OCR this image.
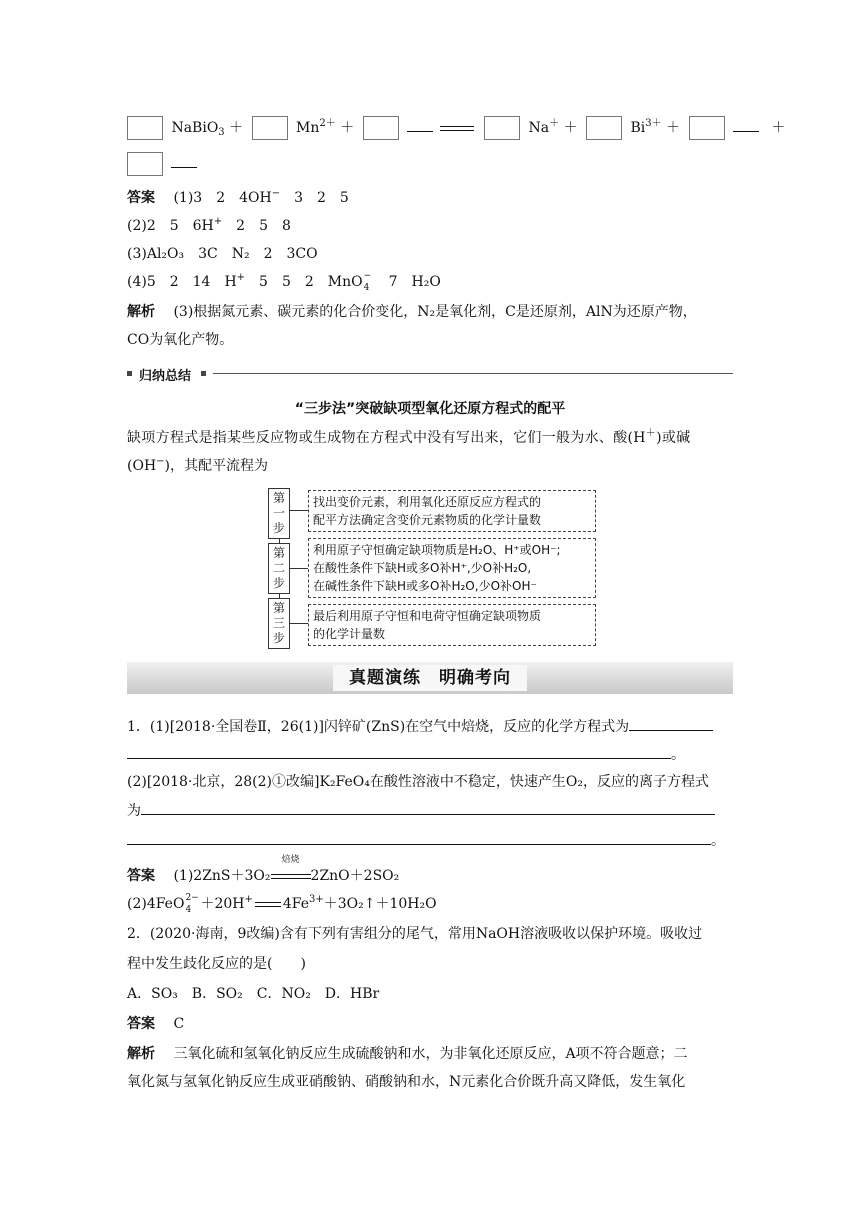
NaBiO$_3$ ＋	$Mn^{2+}$ ＋	Na＋ ＋	$Bi^{3+}$ ＋	＋

答案 (1)3　2　4OH−　3　2　5
(2)2　5　6H+　2　5　8
(3)Al₂O₃　3C　N₂　2　3CO
(4)5　2　14　H+　5　5　2　MnO −
4 　7　H₂O
解析 (3)根据氮元素、碳元素的化合价变化，N₂是氧化剂，C是还原剂，AlN为还原产物，
CO为氧化产物。
归纳总结
“三步法”突破缺项型氧化还原方程式的配平
缺项方程式是指某些反应物或生成物在方程式中没有写出来，它们一般为水、酸(H＋)或碱
(OH−)，其配平流程为
第
一
步
第
二
步
第
三
步
找出变价元素，利用氧化还原反应方程式的
配平方法确定含变价元素物质的化学计量数
利用原子守恒确定缺项物质是H₂O、H⁺或OH⁻;
在酸性条件下缺H或多O补H⁺,少O补H₂O,
在碱性条件下缺H或多O补H₂O,少O补OH⁻
最后利用原子守恒和电荷守恒确定缺项物质
的化学计量数
真题演练　明确考向
1．(1)[2018·全国卷Ⅱ，26(1)]闪锌矿(ZnS)在空气中焙烧，反应的化学方程式为
。
(2)[2018·北京，28(2)①改编]K₂FeO₄在酸性溶液中不稳定，快速产生O₂，反应的离子方程式
为
。
答案 (1)2ZnS＋3O₂
焙烧
2ZnO＋2SO₂
(2)4FeO 2−
4 ＋20H+ $4Fe^{3+}+3O_2↑+10H_2O$
2．(2020·海南，9改编)含有下列有害组分的尾气，常用NaOH溶液吸收以保护环境。吸收过
程中发生歧化反应的是(　　)
A．SO₃　B．SO₂　C．NO₂　D．HBr
答案 C
解析 三氧化硫和氢氧化钠反应生成硫酸钠和水，为非氧化还原反应，A项不符合题意；二
氧化氮与氢氧化钠反应生成亚硝酸钠、硝酸钠和水，N元素化合价既升高又降低，发生氧化
